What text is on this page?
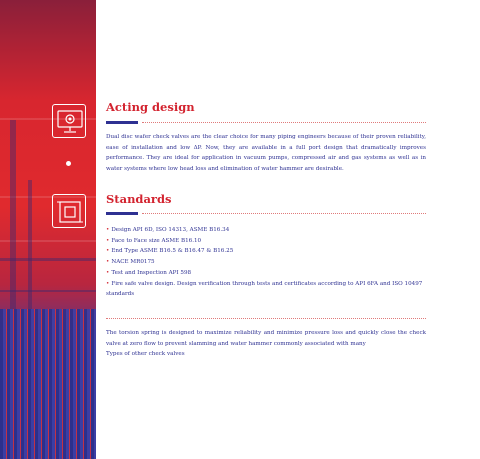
Acting design

Dual disc wafer check valves are the clear choice for many piping engineers because of their proven reliability, ease of installation and low ΔP. Now, they are available in a full port design that dramatically improves performance. They are ideal for application in vacuum pumps, compressed air and gas systems as well as in water systems where low head loss and elimination of water hammer are desirable.

Standards
• Design API 6D, ISO 14313, ASME B16.34
• Face to Face size ASME B16.10
• End Type ASME B16.5 & B16.47 & B16.25
• NACE MR0175
• Test and Inspection API 598
• Fire safe valve design. Design verification through tests and certificates according to API 6FA and ISO 10497 standards

The torsion spring is designed to maximize reliability and minimize pressure loss and quickly close the check valve at zero flow to prevent slamming and water hammer commonly associated with many

Types of other check valves
